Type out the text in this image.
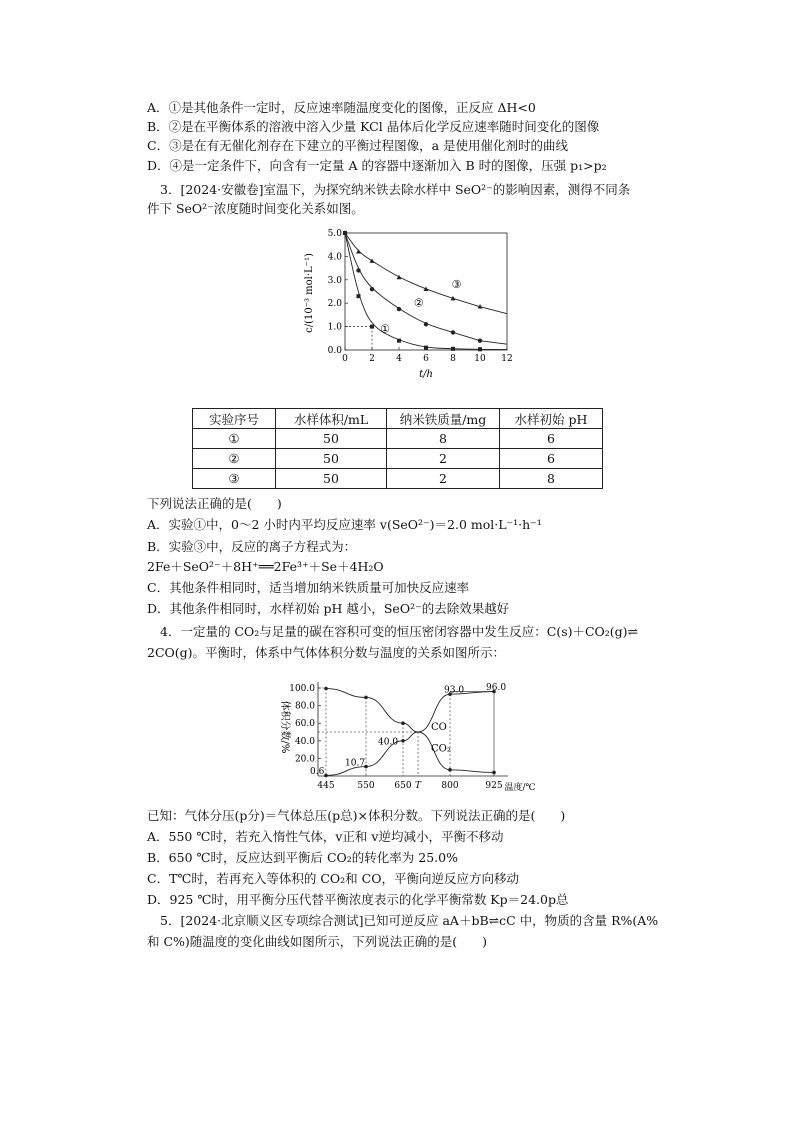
A．①是其他条件一定时，反应速率随温度变化的图像，正反应 ΔH<0
B．②是在平衡体系的溶液中溶入少量 KCl 晶体后化学反应速率随时间变化的图像
C．③是在有无催化剂存在下建立的平衡过程图像，a 是使用催化剂时的曲线
D．④是一定条件下，向含有一定量 A 的容器中逐渐加入 B 时的图像，压强 p₁>p₂
3．[2024·安徽卷]室温下，为探究纳米铁去除水样中 SeO²⁻的影响因素，测得不同条
件下 SeO²⁻浓度随时间变化关系如图。
0 2 4 6 8 10 12
0.0
1.0
2.0
3.0
4.0
5.0
①
②
③
c/(10⁻³ mol·L⁻¹)
t/h
实验序号	水样体积/mL	纳米铁质量/mg	水样初始 pH
①	50	8	6
②	50	2	6
③	50	2	8
下列说法正确的是(　　)
A．实验①中，0～2 小时内平均反应速率 v(SeO²⁻)＝2.0 mol·L⁻¹·h⁻¹
B．实验③中，反应的离子方程式为：
2Fe＋SeO²⁻＋8H⁺══2Fe³⁺＋Se＋4H₂O
C．其他条件相同时，适当增加纳米铁质量可加快反应速率
D．其他条件相同时，水样初始 pH 越小，SeO²⁻的去除效果越好
4．一定量的 CO₂与足量的碳在容积可变的恒压密闭容器中发生反应：C(s)＋CO₂(g)⇌
2CO(g)。平衡时，体系中气体体积分数与温度的关系如图所示：
20.0
40.0
60.0
80.0
100.0
445	550 650 T 800	925
CO
CO₂
0.6
10.7
40.0
93.0 96.0
体积分数/%
温度/℃
已知：气体分压(p分)＝气体总压(p总)×体积分数。下列说法正确的是(　　)
A．550 ℃时，若充入惰性气体，v正和 v逆均减小，平衡不移动
B．650 ℃时，反应达到平衡后 CO₂的转化率为 25.0%
C．T℃时，若再充入等体积的 CO₂和 CO，平衡向逆反应方向移动
D．925 ℃时，用平衡分压代替平衡浓度表示的化学平衡常数 Kp＝24.0p总
5．[2024·北京顺义区专项综合测试]已知可逆反应 aA＋bB⇌cC 中，物质的含量 R%(A%
和 C%)随温度的变化曲线如图所示，下列说法正确的是(　　)
